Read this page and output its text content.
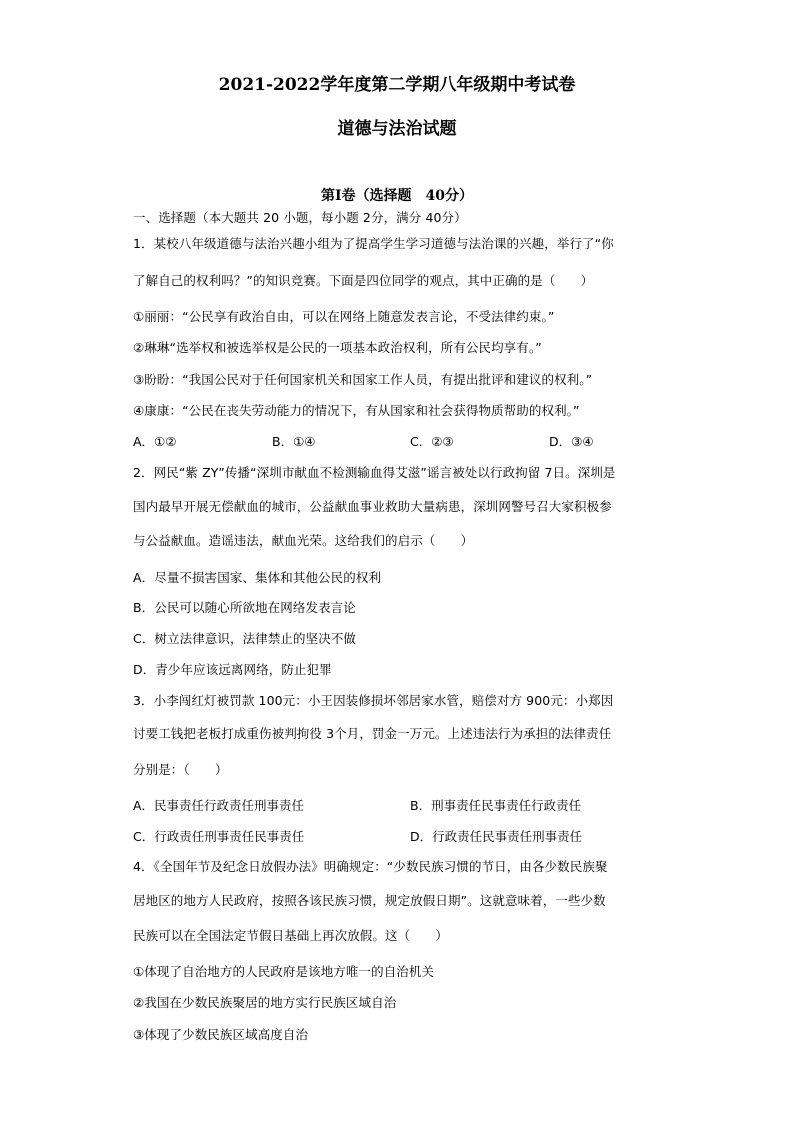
2021-2022学年度第二学期八年级期中考试卷
道德与法治试题
第I卷（选择题　40分）
一、选择题（本大题共 20 小题，每小题 2分，满分 40分）
1．某校八年级道德与法治兴趣小组为了提高学生学习道德与法治课的兴趣，举行了“你
了解自己的权利吗？”的知识竞赛。下面是四位同学的观点，其中正确的是（　　）
①丽丽：“公民享有政治自由，可以在网络上随意发表言论，不受法律约束。”
②琳琳“选举权和被选举权是公民的一项基本政治权利，所有公民均享有。”
③盼盼：“我国公民对于任何国家机关和国家工作人员，有提出批评和建议的权利。”
④康康：“公民在丧失劳动能力的情况下，有从国家和社会获得物质帮助的权利。”
A．①②	B．①④	C．②③	D．③④
2．网民“紫 ZY”传播“深圳市献血不检测输血得艾滋”谣言被处以行政拘留 7日。深圳是
国内最早开展无偿献血的城市，公益献血事业救助大量病患，深圳网警号召大家积极参
与公益献血。造谣违法，献血光荣。这给我们的启示（　　）
A．尽量不损害国家、集体和其他公民的权利
B．公民可以随心所欲地在网络发表言论
C．树立法律意识，法律禁止的坚决不做
D．青少年应该远离网络，防止犯罪
3．小李闯红灯被罚款 100元：小王因装修损坏邻居家水管，赔偿对方 900元：小郑因
讨要工钱把老板打成重伤被判拘役 3个月，罚金一万元。上述违法行为承担的法律责任
分别是：（　　）
A．民事责任行政责任刑事责任	B．刑事责任民事责任行政责任
C．行政责任刑事责任民事责任	D．行政责任民事责任刑事责任
4．《全国年节及纪念日放假办法》明确规定：“少数民族习惯的节日，由各少数民族聚
居地区的地方人民政府，按照各该民族习惯，规定放假日期”。这就意味着，一些少数
民族可以在全国法定节假日基础上再次放假。这（　　）
①体现了自治地方的人民政府是该地方唯一的自治机关
②我国在少数民族聚居的地方实行民族区域自治
③体现了少数民族区域高度自治
